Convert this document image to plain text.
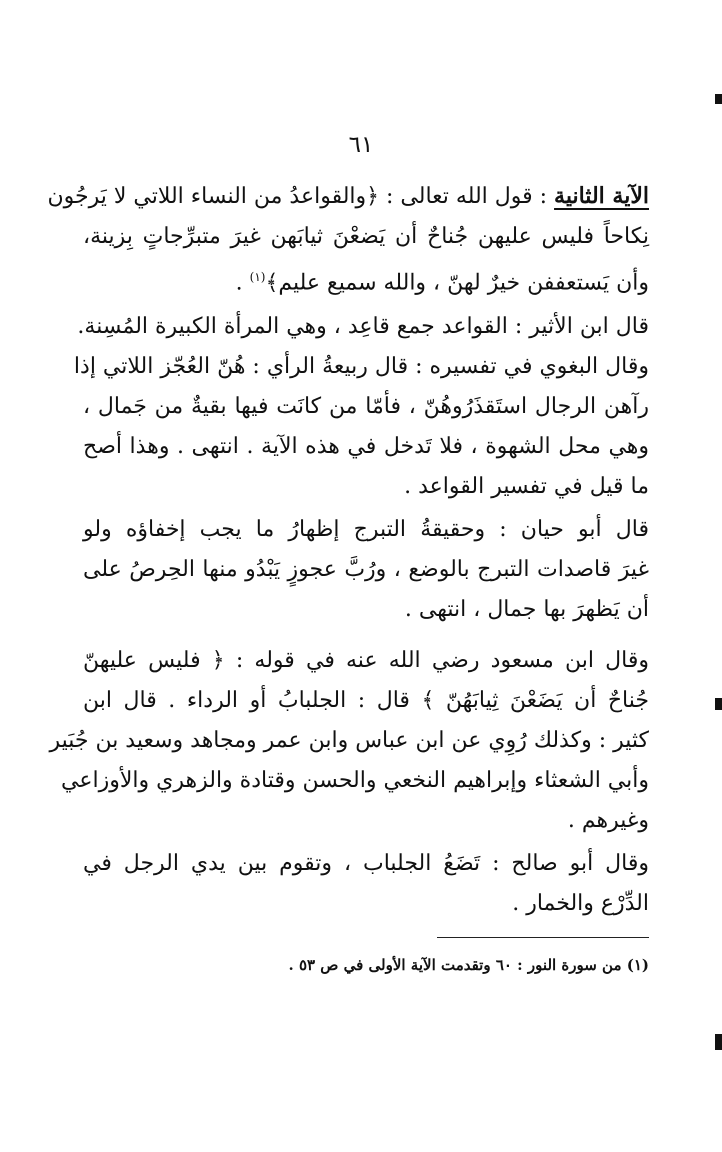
٦١
الآية الثانية : قول الله تعالى : ﴿والقواعدُ من النساء اللاتي لا يَرجُون
نِكاحاً فليس عليهن جُناحٌ أن يَضعْنَ ثيابَهن غيرَ متبرِّجاتٍ بِزينة،
وأن يَستعففن خيرٌ لهنّ ، والله سميع عليم﴾$^{(١)}$ .
قال ابن الأثير : القواعد جمع قاعِد ، وهي المرأة الكبيرة المُسِنة.
وقال البغوي في تفسيره : قال ربيعةُ الرأي : هُنّ العُجّز اللاتي إذا
رآهن الرجال استَقذَرُوهُنّ ، فأمّا من كانَت فيها بقيةٌ من جَمال ،
وهي محل الشهوة ، فلا تَدخل في هذه الآية . انتهى . وهذا أصح
ما قيل في تفسير القواعد .
قال أبو حيان : وحقيقةُ التبرج إظهارُ ما يجب إخفاؤه ولو
غيرَ قاصدات التبرج بالوضع ، ورُبَّ عجوزٍ يَبْدُو منها الحِرصُ على
أن يَظهرَ بها جمال ، انتهى .
وقال ابن مسعود رضي الله عنه في قوله : ﴿ فليس عليهنّ
جُناحٌ أن يَضَعْنَ ثِيابَهُنّ ﴾ قال : الجلبابُ أو الرداء . قال ابن
كثير : وكذلك رُوِي عن ابن عباس وابن عمر ومجاهد وسعيد بن جُبَير
وأبي الشعثاء وإبراهيم النخعي والحسن وقتادة والزهري والأوزاعي
وغيرهم .
وقال أبو صالح : تَضَعُ الجلباب ، وتقوم بين يدي الرجل في
الدِّرْع والخمار .
(١) من سورة النور : ٦٠ وتقدمت الآية الأولى في ص ٥٣ .
